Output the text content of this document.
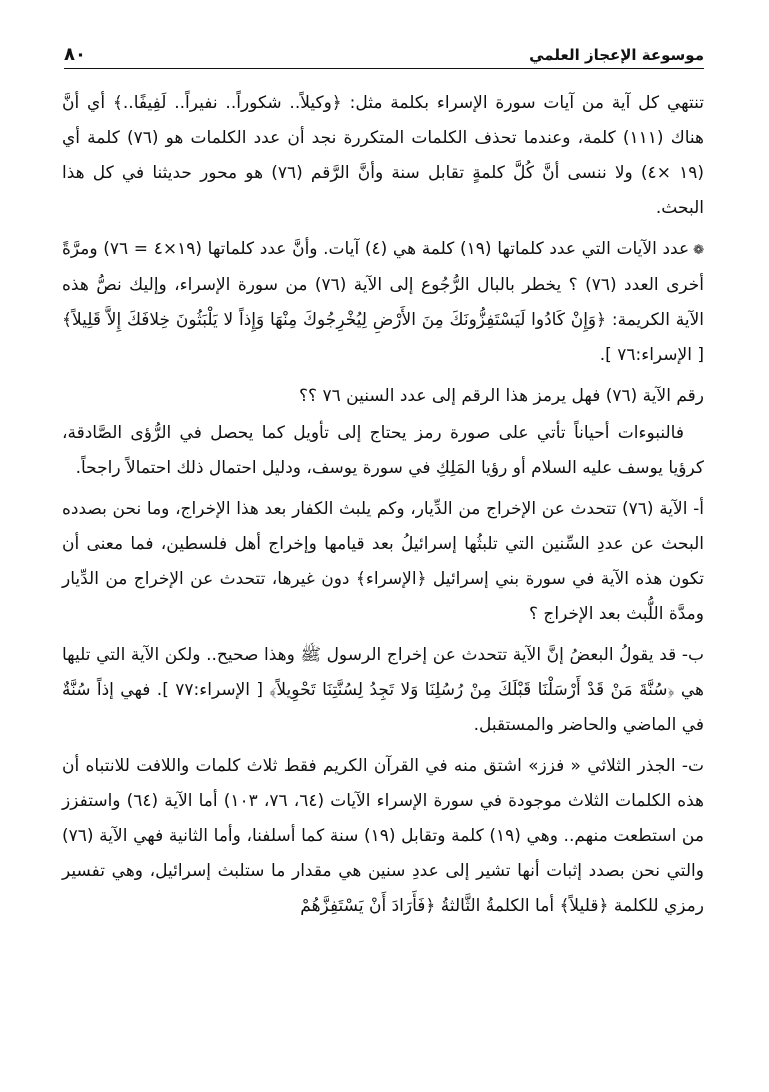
موسوعة الإعجاز العلمي
٨٠

تنتهي كل آية من آيات سورة الإسراء بكلمة مثل: ﴿وكيلاً.. شكوراً.. نفيراً.. لَفِيفًا..﴾ أي أنَّ هناك (١١١) كلمة، وعندما تحذف الكلمات المتكررة نجد أن عدد الكلمات هو (٧٦) كلمة أي (١٩ ×٤) ولا ننسى أنَّ كُلَّ كلمةٍ تقابل سنة وأنَّ الرَّقم (٧٦) هو محور حديثنا في كل هذا البحث.

❁عدد الآيات التي عدد كلماتها (١٩) كلمة هي (٤) آيات. وأنَّ عدد كلماتها (١٩×٤ = ٧٦) ومرَّةً أخرى العدد (٧٦) ؟ يخطر بالبال الرُّجُوع إلى الآية (٧٦) من سورة الإسراء، وإليك نصُّ هذه الآية الكريمة: ﴿وَإِنْ كَادُوا لَيَسْتَفِزُّونَكَ مِنَ الأَرْضِ لِيُخْرِجُوكَ مِنْهَا وَإِذاً لا يَلْبَثُونَ خِلافَكَ إِلاَّ قَلِيلاً﴾ [ الإسراء:٧٦ ].

رقم الآية (٧٦) فهل يرمز هذا الرقم إلى عدد السنين ٧٦ ؟؟

فالنبوءات أحياناً تأتي على صورة رمز يحتاج إلى تأويل كما يحصل في الرُّؤى الصَّادقة، كرؤيا يوسف عليه السلام أو رؤيا المَلِكِ في سورة يوسف، ودليل احتمال ذلك احتمالاً راجحاً.

أ- الآية (٧٦) تتحدث عن الإخراج من الدِّيار، وكم يلبث الكفار بعد هذا الإخراج، وما نحن بصدده البحث عن عددِ السِّنين التي تلبثُها إسرائيلُ بعد قيامها وإخراج أهل فلسطين، فما معنى أن تكون هذه الآية في سورة بني إسرائيل ﴿الإسراء﴾ دون غيرها، تتحدث عن الإخراج من الدِّيار ومدَّة اللُّبث بعد الإخراج ؟

ب- قد يقولُ البعضُ إنَّ الآية تتحدث عن إخراج الرسول ﷺ وهذا صحيح.. ولكن الآية التي تليها هي ﴿سُنَّةَ مَنْ قَدْ أَرْسَلْنَا قَبْلَكَ مِنْ رُسُلِنَا وَلا تَجِدُ لِسُنَّتِنَا تَحْوِيلاً﴾ [ الإسراء:٧٧ ]. فهي إذاً سُنَّةٌ في الماضي والحاضر والمستقبل.

ت- الجذر الثلاثي « فزز» اشتق منه في القرآن الكريم فقط ثلاث كلمات واللافت للانتباه أن هذه الكلمات الثلاث موجودة في سورة الإسراء الآيات (٦٤، ٧٦، ١٠٣) أما الآية (٦٤) واستفزز من استطعت منهم.. وهي (١٩) كلمة وتقابل (١٩) سنة كما أسلفنا، وأما الثانية فهي الآية (٧٦) والتي نحن بصدد إثبات أنها تشير إلى عددِ سنين هي مقدار ما ستلبث إسرائيل، وهي تفسير رمزي للكلمة ﴿قليلاً﴾ أما الكلمةُ الثَّالثةُ ﴿فَأَرَادَ أَنْ يَسْتَفِزَّهُمْ
